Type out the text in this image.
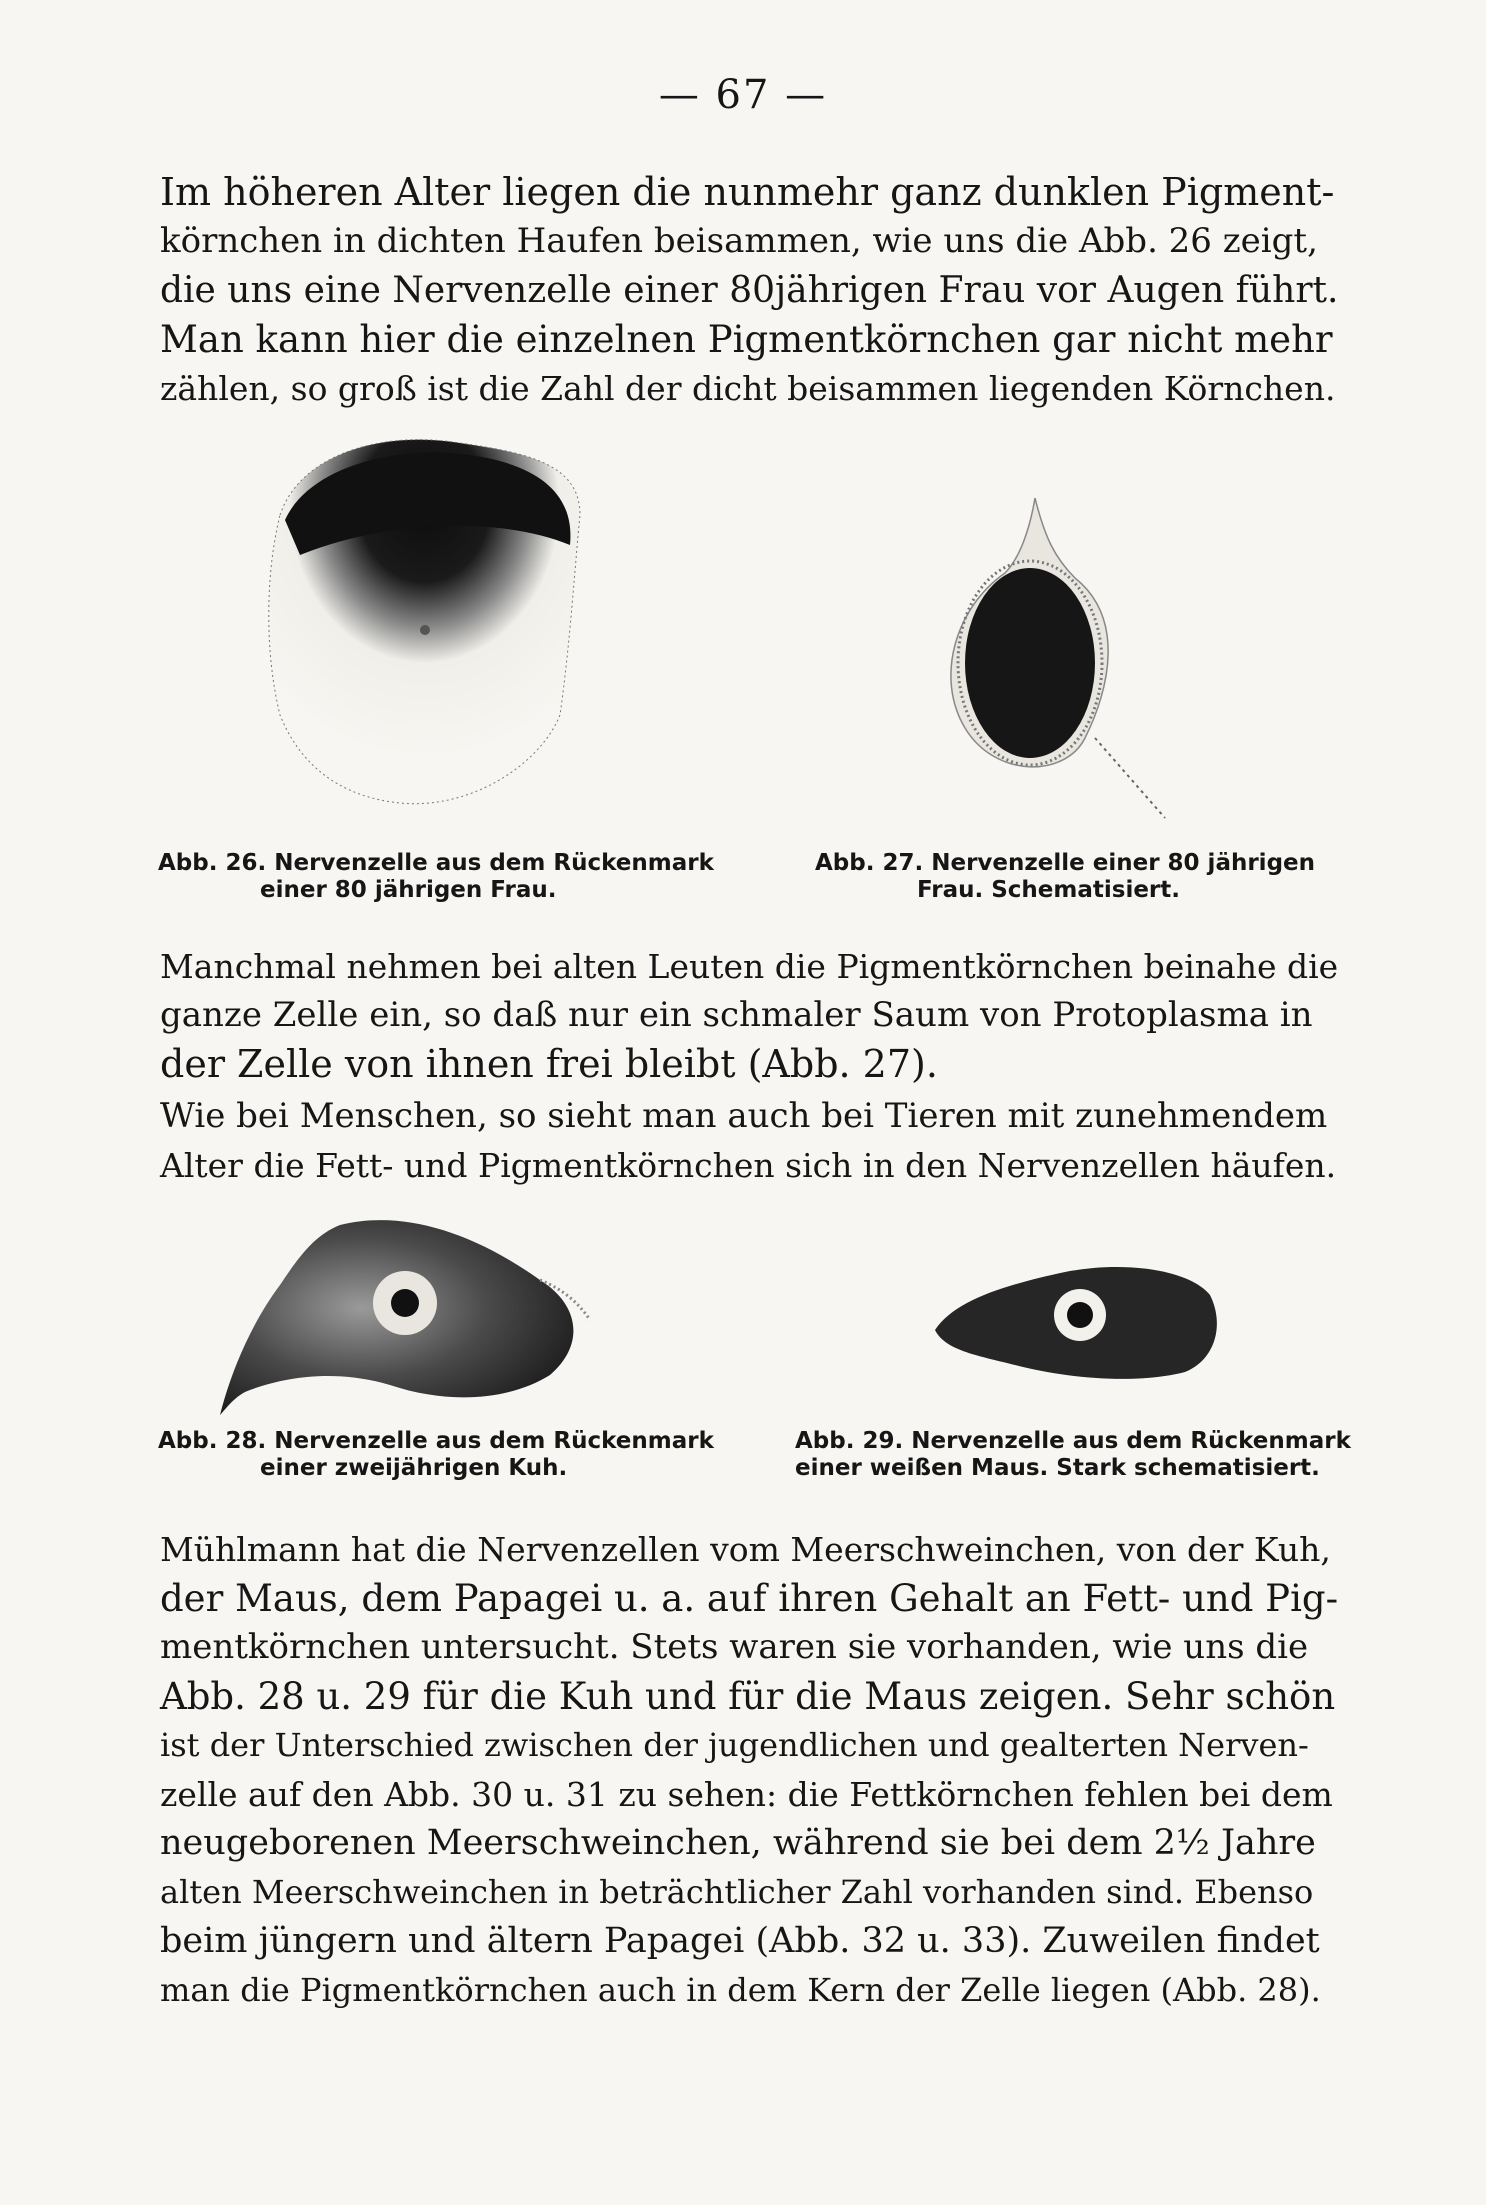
— 67 —

Im höheren Alter liegen die nunmehr ganz dunklen Pigment-
körnchen in dichten Haufen beisammen, wie uns die Abb. 26 zeigt,
die uns eine Nervenzelle einer 80jährigen Frau vor Augen führt.
Man kann hier die einzelnen Pigmentkörnchen gar nicht mehr
zählen, so groß ist die Zahl der dicht beisammen liegenden Körnchen.

Abb. 26. Nervenzelle aus dem Rückenmark
einer 80 jährigen Frau.
Abb. 27. Nervenzelle einer 80 jährigen
Frau. Schematisiert.

Manchmal nehmen bei alten Leuten die Pigmentkörnchen beinahe die
ganze Zelle ein, so daß nur ein schmaler Saum von Protoplasma in
der Zelle von ihnen frei bleibt (Abb. 27).

Wie bei Menschen, so sieht man auch bei Tieren mit zunehmendem
Alter die Fett- und Pigmentkörnchen sich in den Nervenzellen häufen.

Abb. 28. Nervenzelle aus dem Rückenmark
einer zweijährigen Kuh.
Abb. 29. Nervenzelle aus dem Rückenmark
einer weißen Maus. Stark schematisiert.

Mühlmann hat die Nervenzellen vom Meerschweinchen, von der Kuh,
der Maus, dem Papagei u. a. auf ihren Gehalt an Fett- und Pig-
mentkörnchen untersucht. Stets waren sie vorhanden, wie uns die
Abb. 28 u. 29 für die Kuh und für die Maus zeigen. Sehr schön
ist der Unterschied zwischen der jugendlichen und gealterten Nerven-
zelle auf den Abb. 30 u. 31 zu sehen: die Fettkörnchen fehlen bei dem
neugeborenen Meerschweinchen, während sie bei dem 2½ Jahre
alten Meerschweinchen in beträchtlicher Zahl vorhanden sind. Ebenso
beim jüngern und ältern Papagei (Abb. 32 u. 33). Zuweilen findet
man die Pigmentkörnchen auch in dem Kern der Zelle liegen (Abb. 28).
